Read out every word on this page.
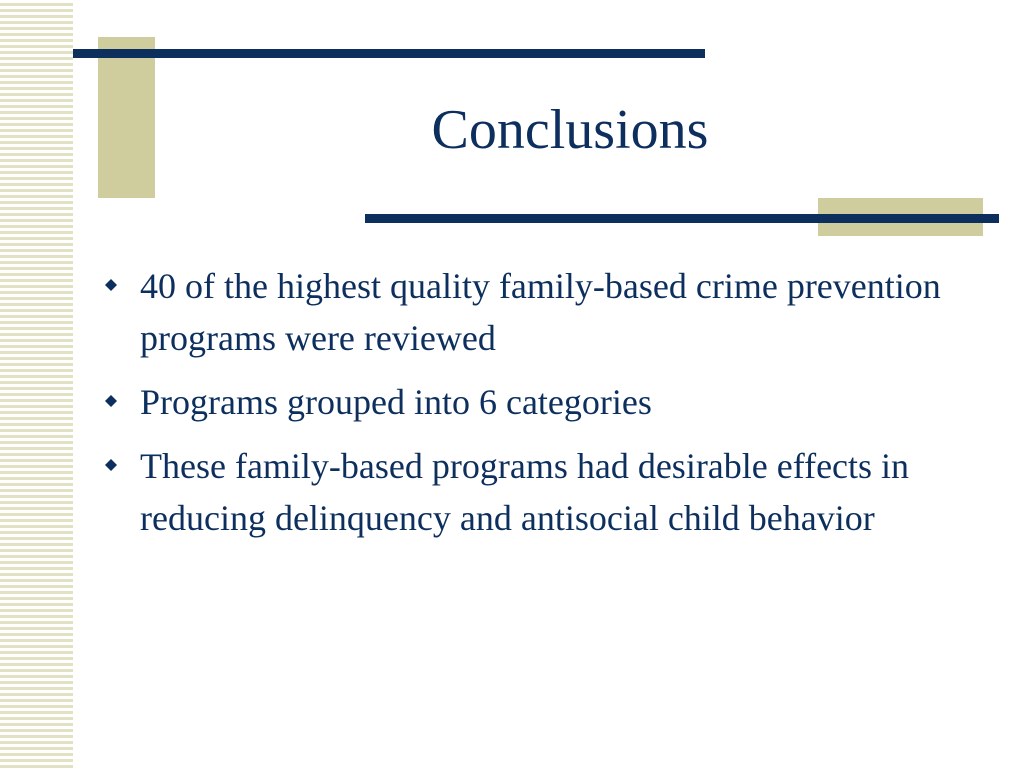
Conclusions
40 of the highest quality family-based crime prevention programs were reviewed
Programs grouped into 6 categories
These family-based programs had desirable effects in reducing delinquency and antisocial child behavior
